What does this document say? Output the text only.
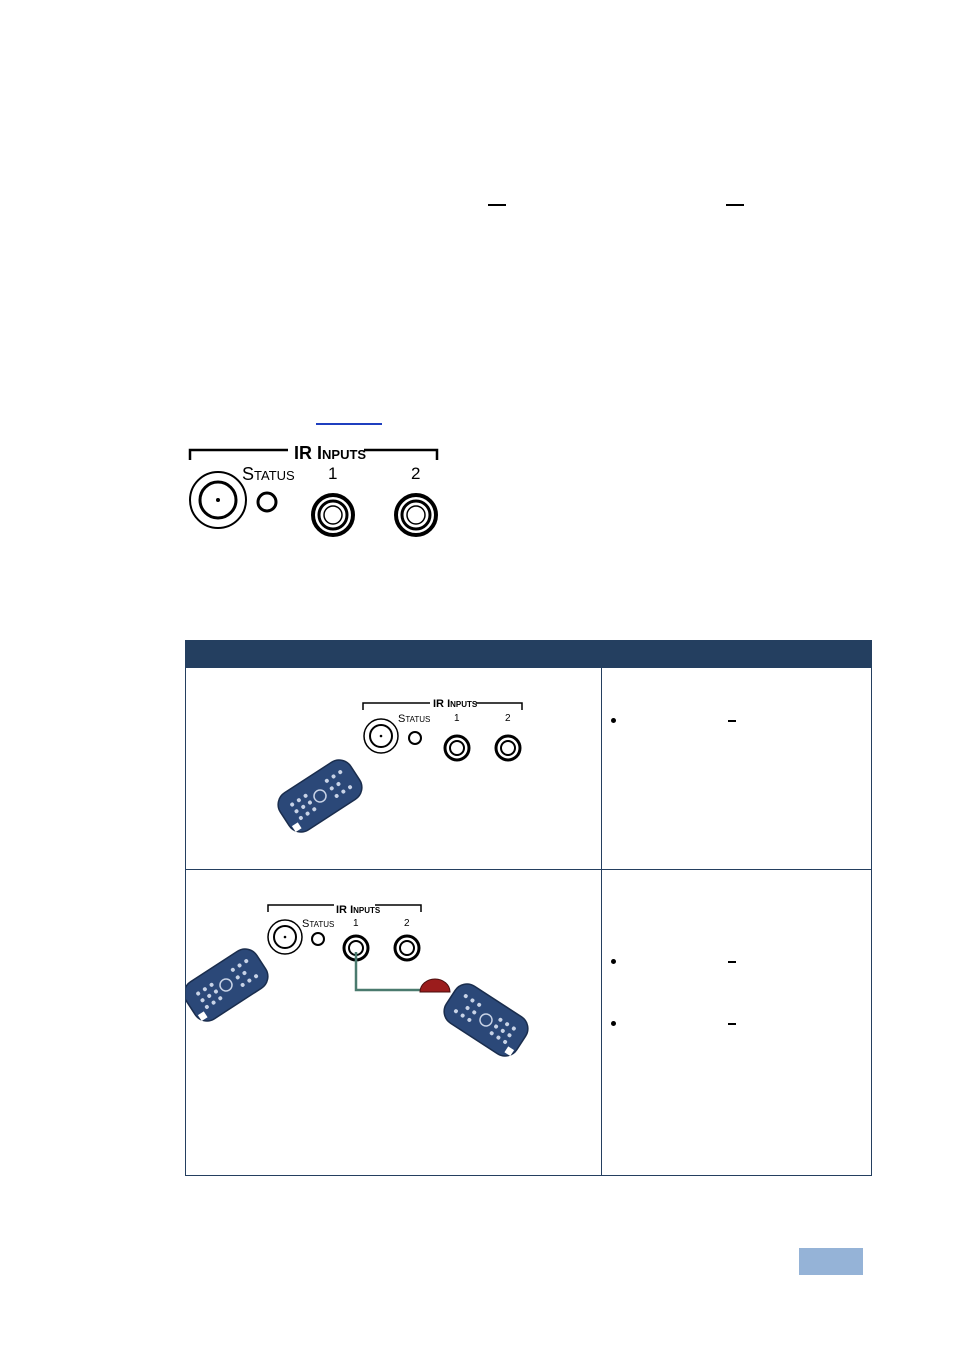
IR INPUTS
STATUS 1	2

IR INPUTS
STATUS 1 2	

IR INPUTS
STATUS 1 2	
